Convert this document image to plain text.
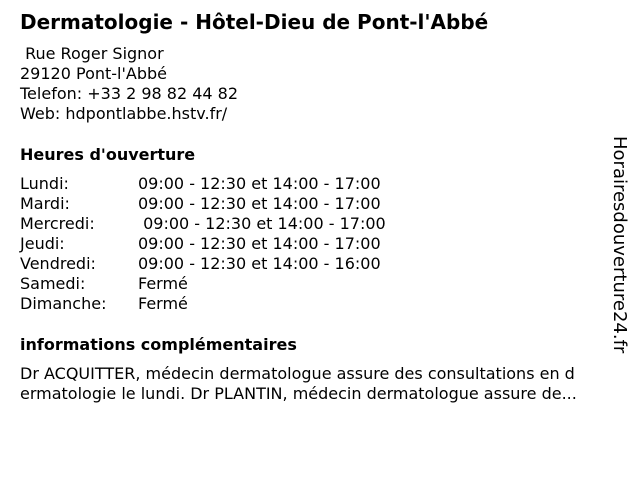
Dermatologie - Hôtel-Dieu de Pont-l'Abbé
Rue Roger Signor
29120 Pont-l'Abbé
Telefon: +33 2 98 82 44 82
Web: hdpontlabbe.hstv.fr/
Heures d'ouverture
Lundi:	09:00 - 12:30 et 14:00 - 17:00
Mardi:	09:00 - 12:30 et 14:00 - 17:00
Mercredi:	09:00 - 12:30 et 14:00 - 17:00
Jeudi:	09:00 - 12:30 et 14:00 - 17:00
Vendredi:	09:00 - 12:30 et 14:00 - 16:00
Samedi:	Fermé
Dimanche:	Fermé
informations complémentaires
Dr ACQUITTER, médecin dermatologue assure des consultations en d
ermatologie le lundi. Dr PLANTIN, médecin dermatologue assure de...
Horairesdouverture24.fr
